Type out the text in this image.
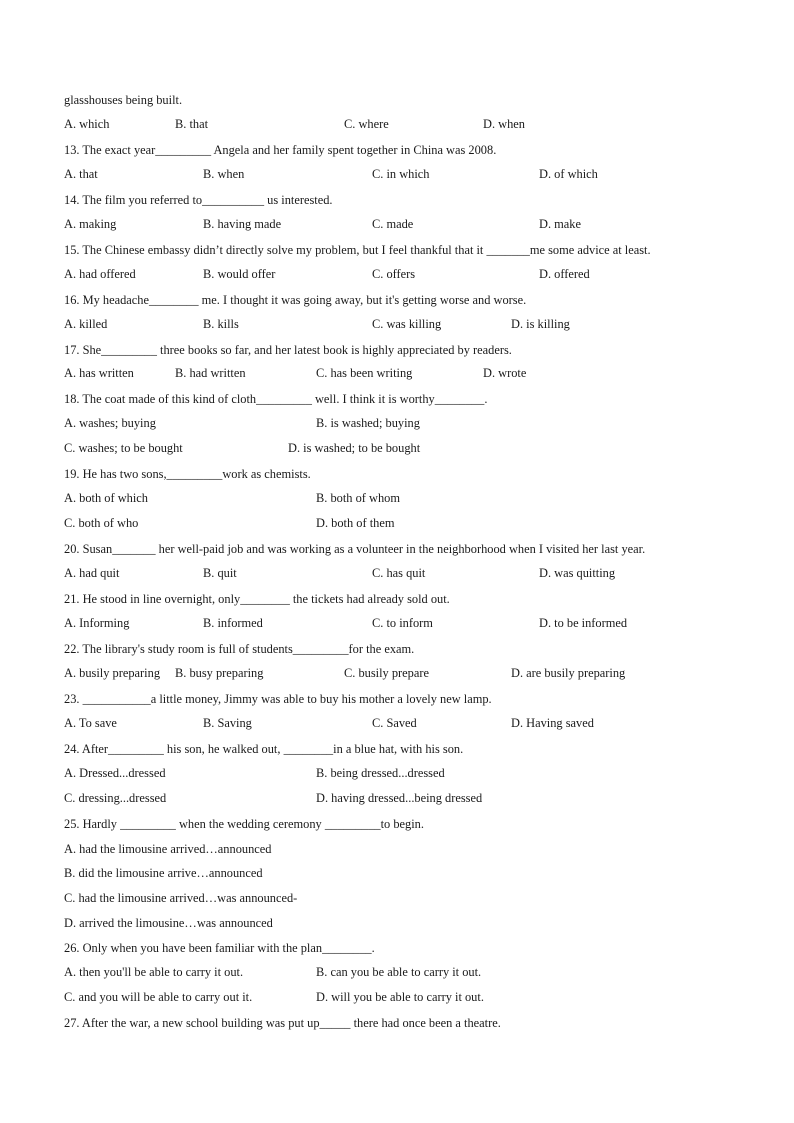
glasshouses being built.
A. which	B. that	C. where	D. when
13. The exact year_________ Angela and her family spent together in China was 2008.
A. that	B. when	C. in which	D. of which
14. The film you referred to__________ us interested.
A. making	B. having made	C. made	D. make
15. The Chinese embassy didn’t directly solve my problem, but I feel thankful that it _______me some advice at least.
A. had offered	B. would offer	C. offers	D. offered
16. My headache________ me. I thought it was going away, but it's getting worse and worse.
A. killed	B. kills	C. was killing	D. is killing
17. She_________ three books so far, and her latest book is highly appreciated by readers.
A. has written	B. had written	C. has been writing	D. wrote
18. The coat made of this kind of cloth_________ well. I think it is worthy________.
A. washes; buying	B. is washed; buying
C. washes; to be bought	D. is washed; to be bought
19. He has two sons,_________work as chemists.
A. both of which	B. both of whom
C. both of who	D. both of them
20. Susan_______ her well-paid job and was working as a volunteer in the neighborhood when I visited her last year.
A. had quit	B. quit	C. has quit	D. was quitting
21. He stood in line overnight, only________ the tickets had already sold out.
A. Informing	B. informed	C. to inform	D. to be informed
22. The library's study room is full of students_________for the exam.
A. busily preparing B. busy preparing	C. busily prepare	D. are busily preparing
23. ___________a little money, Jimmy was able to buy his mother a lovely new lamp.
A. To save	B. Saving	C. Saved	D. Having saved
24. After_________ his son, he walked out, ________in a blue hat, with his son.
A. Dressed...dressed	B. being dressed...dressed
C. dressing...dressed	D. having dressed...being dressed
25. Hardly _________ when the wedding ceremony _________to begin.
A. had the limousine arrived…announced
B. did the limousine arrive…announced
C. had the limousine arrived…was announced-
D. arrived the limousine…was announced
26. Only when you have been familiar with the plan________.
A. then you'll be able to carry it out.	B. can you be able to carry it out.
C. and you will be able to carry out it.	D. will you be able to carry it out.
27. After the war, a new school building was put up_____ there had once been a theatre.
